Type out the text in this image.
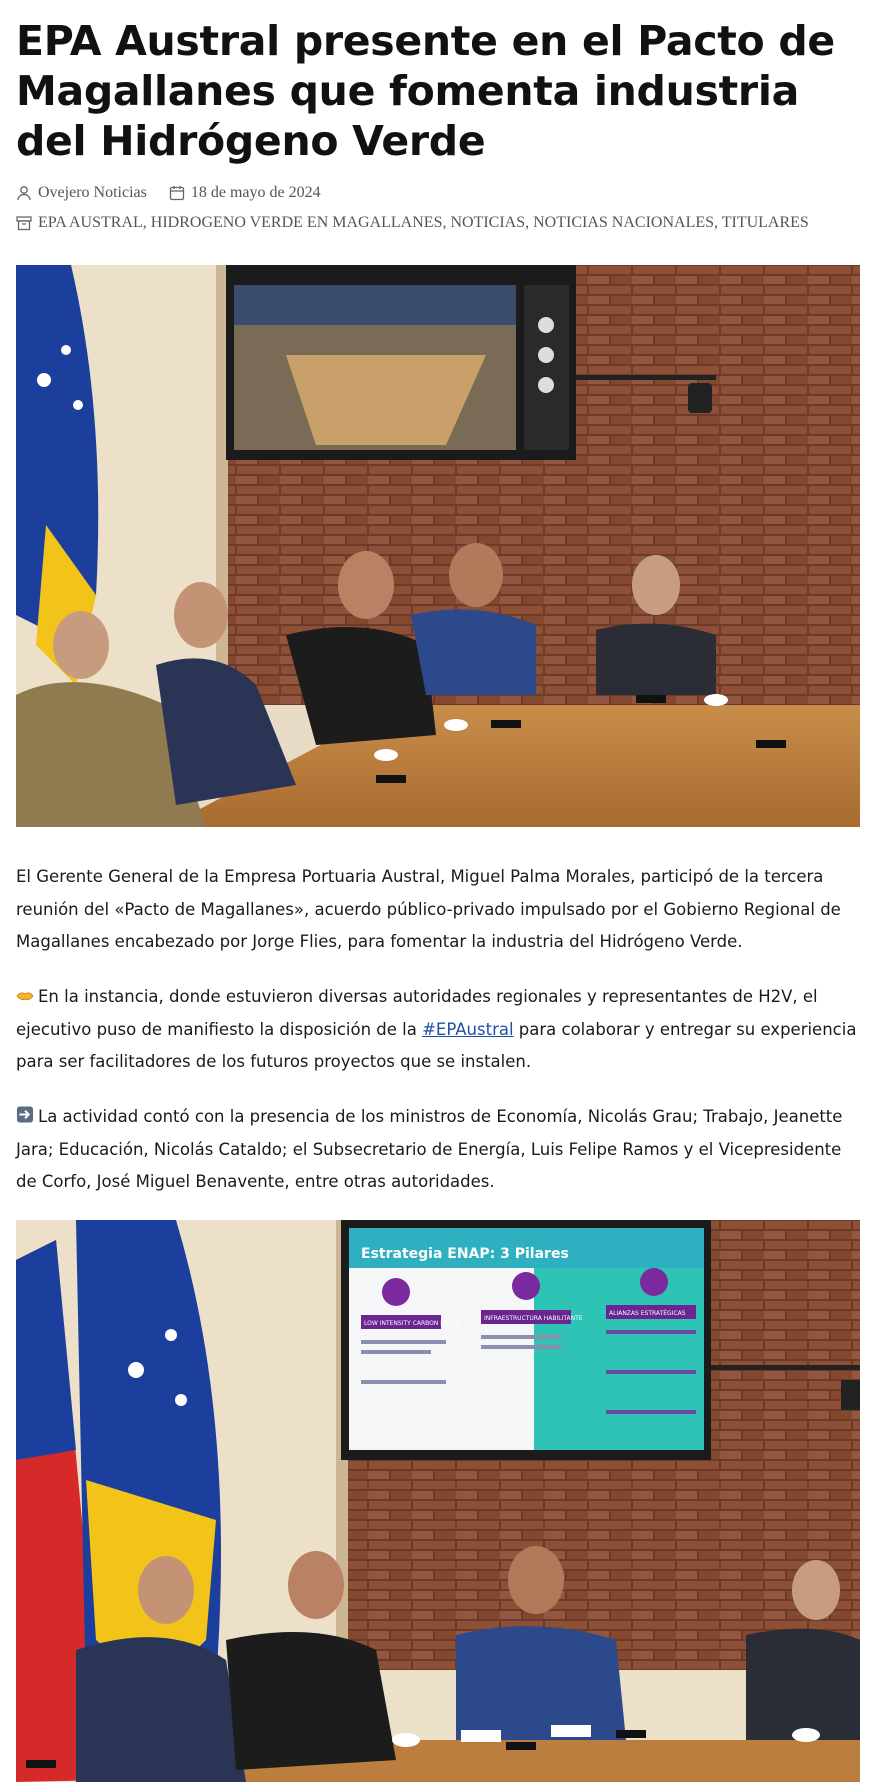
EPA Austral presente en el Pacto de Magallanes que fomenta industria del Hidrógeno Verde
Ovejero Noticias	18 de mayo de 2024
EPA AUSTRAL, HIDROGENO VERDE EN MAGALLANES, NOTICIAS, NOTICIAS NACIONALES, TITULARES

El Gerente General de la Empresa Portuaria Austral, Miguel Palma Morales, participó de la tercera reunión del «Pacto de Magallanes», acuerdo público-privado impulsado por el Gobierno Regional de Magallanes encabezado por Jorge Flies, para fomentar la industria del Hidrógeno Verde.

En la instancia, donde estuvieron diversas autoridades regionales y representantes de H2V, el ejecutivo puso de manifiesto la disposición de la #EPAustral para colaborar y entregar su experiencia para ser facilitadores de los futuros proyectos que se instalen.

La actividad contó con la presencia de los ministros de Economía, Nicolás Grau; Trabajo, Jeanette Jara; Educación, Nicolás Cataldo; el Subsecretario de Energía, Luis Felipe Ramos y el Vicepresidente de Corfo, José Miguel Benavente, entre otras autoridades.

Estrategia ENAP: 3 Pilares
LOW INTENSITY CARBON FUELS
INFRAESTRUCTURA HABILITANTE
ALIANZAS ESTRATÉGICAS
